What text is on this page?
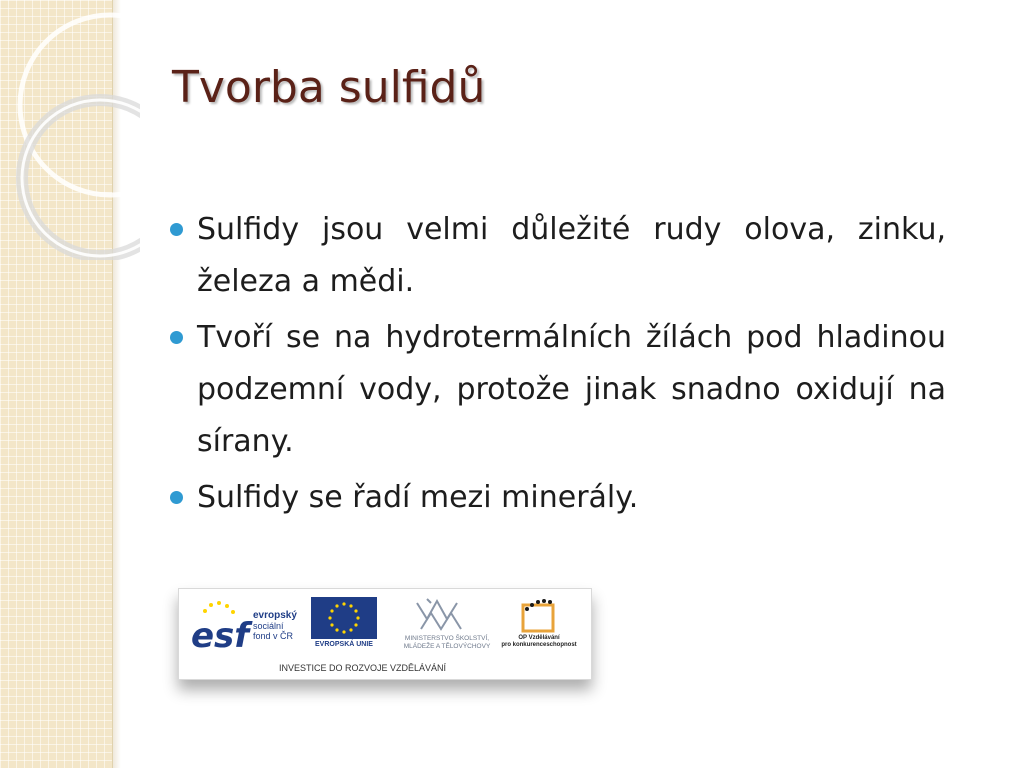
Tvorba sulfidů
Sulfidy jsou velmi důležité rudy olova, zinku, železa a mědi.
Tvoří se na hydrotermálních žílách pod hladinou podzemní vody, protože jinak snadno oxidují na sírany.
Sulfidy se řadí mezi minerály.
esf
evropský
sociální
fond v ČR
EVROPSKÁ UNIE
MINISTERSTVO ŠKOLSTVÍ,
MLÁDEŽE A TĚLOVÝCHOVY
OP Vzdělávání
pro konkurenceschopnost
INVESTICE DO ROZVOJE VZDĚLÁVÁNÍ
